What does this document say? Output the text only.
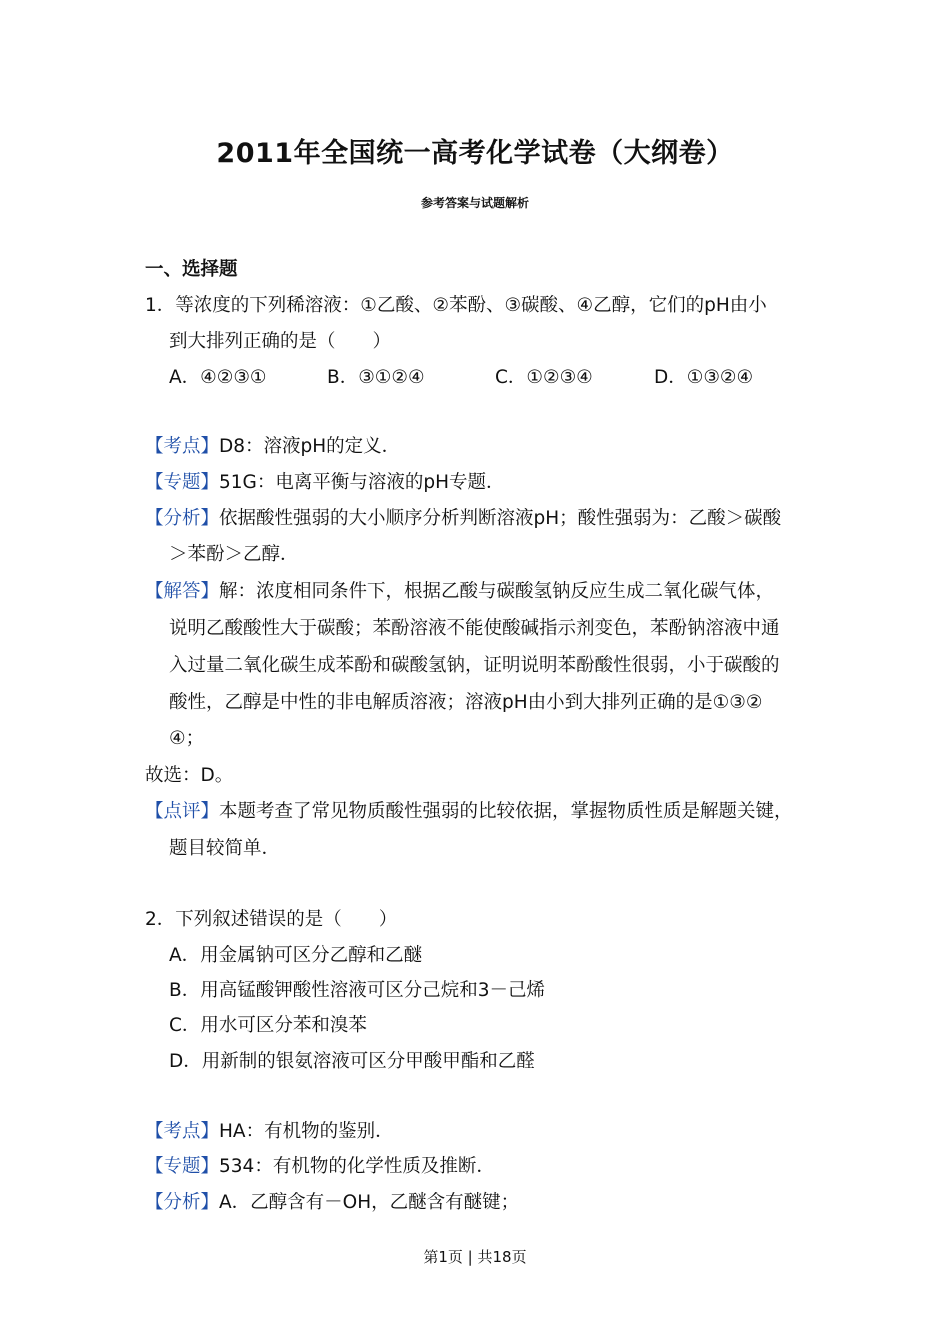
2011年全国统一高考化学试卷（大纲卷）
参考答案与试题解析
一、选择题
1．等浓度的下列稀溶液：①乙酸、②苯酚、③碳酸、④乙醇，它们的pH由小
到大排列正确的是（　　）
A．④②③①	B．③①②④	C．①②③④	D．①③②④
【考点】D8：溶液pH的定义．
【专题】51G：电离平衡与溶液的pH专题．
【分析】依据酸性强弱的大小顺序分析判断溶液pH；酸性强弱为：乙酸＞碳酸
＞苯酚＞乙醇．
【解答】解：浓度相同条件下，根据乙酸与碳酸氢钠反应生成二氧化碳气体，
说明乙酸酸性大于碳酸；苯酚溶液不能使酸碱指示剂变色，苯酚钠溶液中通
入过量二氧化碳生成苯酚和碳酸氢钠，证明说明苯酚酸性很弱，小于碳酸的
酸性，乙醇是中性的非电解质溶液；溶液pH由小到大排列正确的是①③②
④；
故选：D。
【点评】本题考查了常见物质酸性强弱的比较依据，掌握物质性质是解题关键，
题目较简单．
2．下列叙述错误的是（　　）
A．用金属钠可区分乙醇和乙醚
B．用高锰酸钾酸性溶液可区分己烷和3－己烯
C．用水可区分苯和溴苯
D．用新制的银氨溶液可区分甲酸甲酯和乙醛
【考点】HA：有机物的鉴别．
【专题】534：有机物的化学性质及推断．
【分析】A．乙醇含有－OH，乙醚含有醚键；
第1页 | 共18页
